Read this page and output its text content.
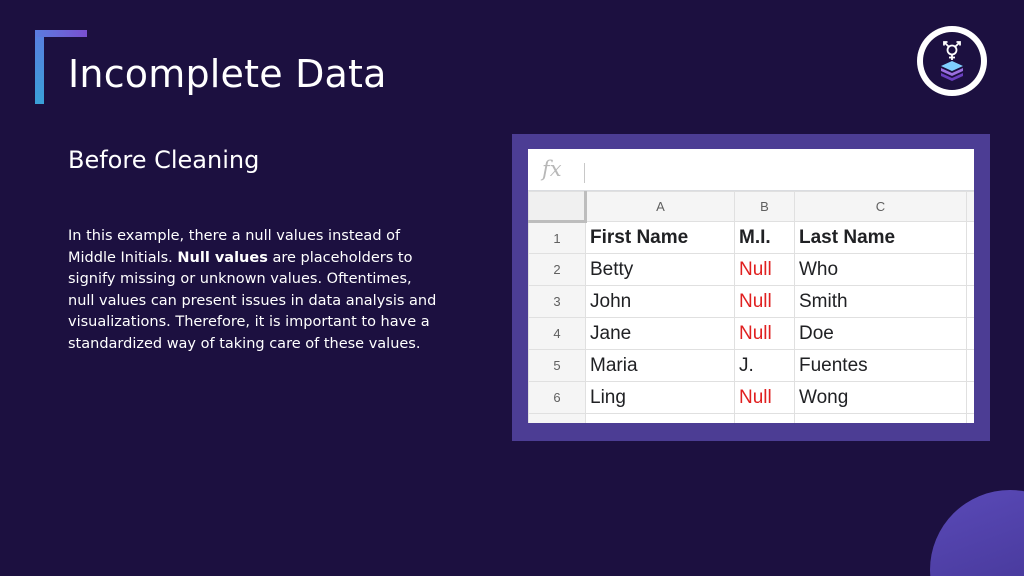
Incomplete Data
Before Cleaning
In this example, there a null values instead of Middle Initials. Null values are placeholders to signify missing or unknown values. Oftentimes, null values can present issues in data analysis and visualizations. Therefore, it is important to have a standardized way of taking care of these values.
fx
	A	B	C	
1	First Name	M.I.	Last Name	
2	Betty	Null	Who	
3	John	Null	Smith	
4	Jane	Null	Doe	
5	Maria	J.	Fuentes	
6	Ling	Null	Wong	
